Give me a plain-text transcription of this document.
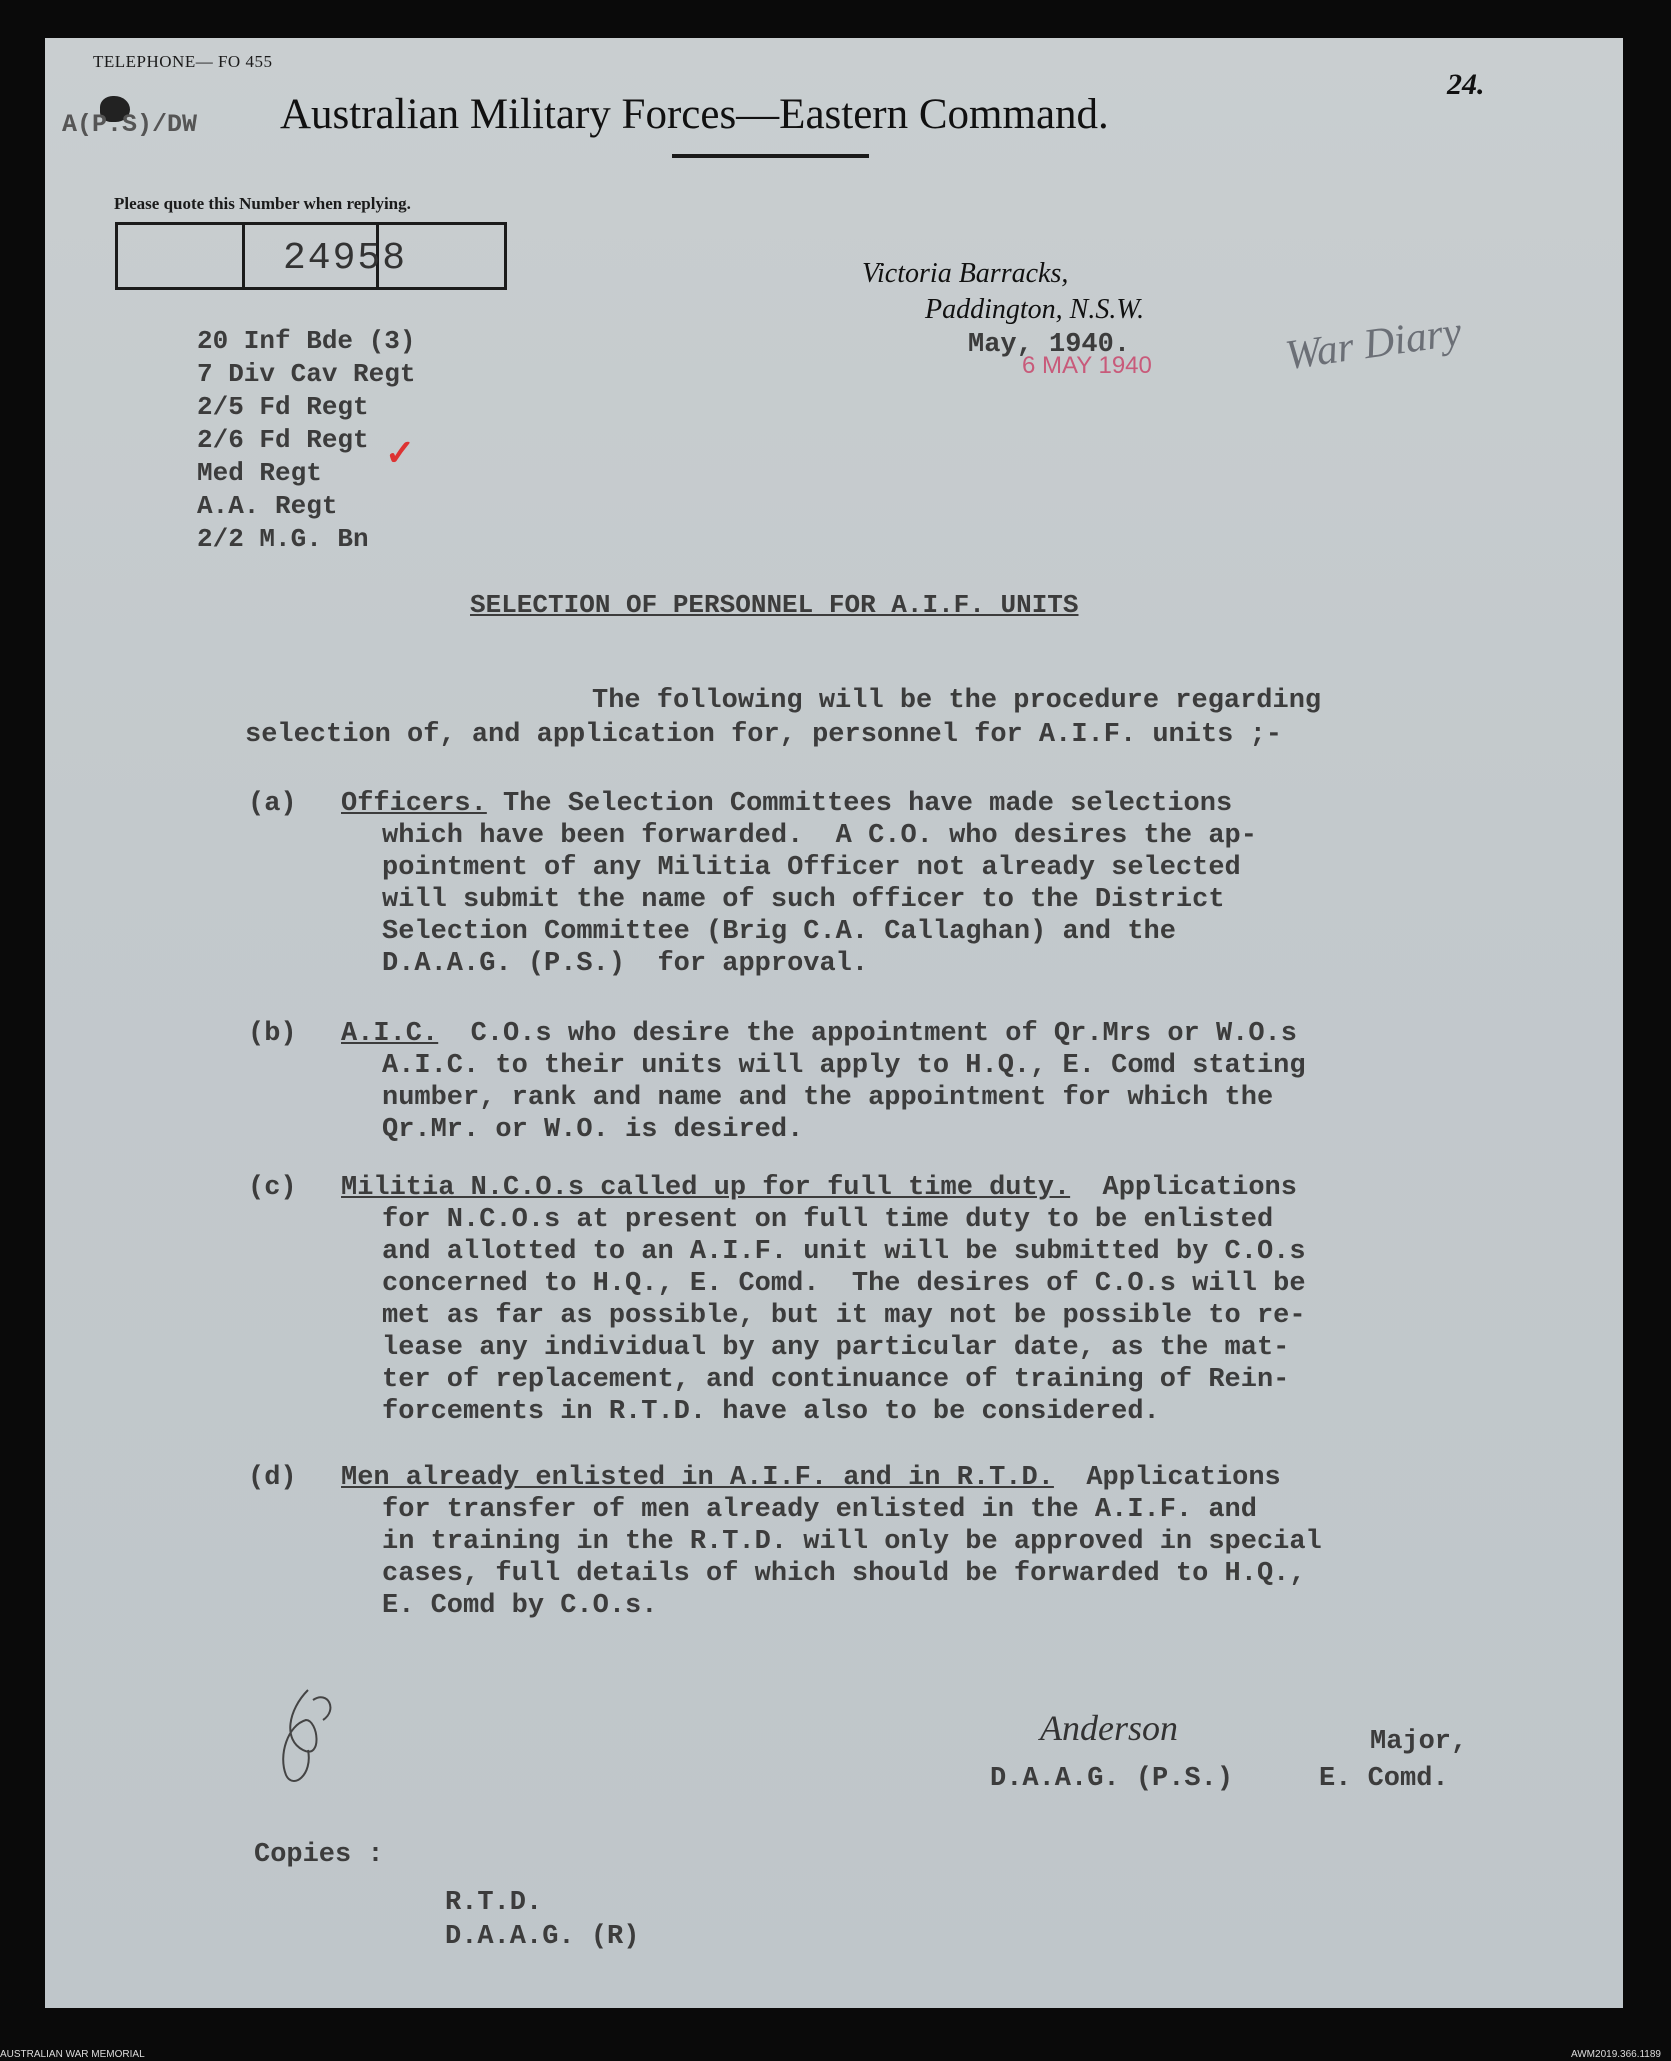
TELEPHONE— FO 455
A(P.S)/DW Australian Military Forces—Eastern Command.
24.
Please quote this Number when replying.
24958	Victoria Barracks,
Paddington, N.S.W.
May, 1940.
6 MAY 1940	War Diary
20 Inf Bde (3)
7 Div Cav Regt
2/5 Fd Regt
2/6 Fd Regt
Med Regt
A.A. Regt
2/2 M.G. Bn
✓
SELECTION OF PERSONNEL FOR A.I.F. UNITS
The following will be the procedure regarding
selection of, and application for, personnel for A.I.F. units ;-
(a) Officers. The Selection Committees have made selections
which have been forwarded.  A C.O. who desires the ap-
pointment of any Militia Officer not already selected
will submit the name of such officer to the District
Selection Committee (Brig C.A. Callaghan) and the
D.A.A.G. (P.S.)  for approval.
(b) A.I.C.  C.O.s who desire the appointment of Qr.Mrs or W.O.s
A.I.C. to their units will apply to H.Q., E. Comd stating
number, rank and name and the appointment for which the
Qr.Mr. or W.O. is desired.
(c) Militia N.C.O.s called up for full time duty.  Applications
for N.C.O.s at present on full time duty to be enlisted
and allotted to an A.I.F. unit will be submitted by C.O.s
concerned to H.Q., E. Comd.  The desires of C.O.s will be
met as far as possible, but it may not be possible to re-
lease any individual by any particular date, as the mat-
ter of replacement, and continuance of training of Rein-
forcements in R.T.D. have also to be considered.
(d) Men already enlisted in A.I.F. and in R.T.D.  Applications
for transfer of men already enlisted in the A.I.F. and
in training in the R.T.D. will only be approved in special
cases, full details of which should be forwarded to H.Q.,
E. Comd by C.O.s.
Anderson	Major,
D.A.A.G. (P.S.)	E. Comd.
Copies :
R.T.D.
D.A.A.G. (R)
AUSTRALIAN WAR MEMORIAL	AWM2019.366.1189
